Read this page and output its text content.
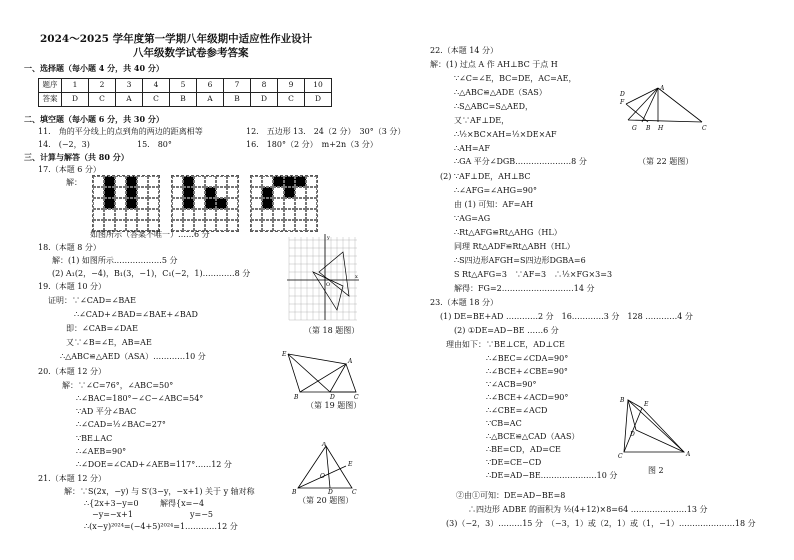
2024～2025 学年度第一学期八年级期中适应性作业设计
八年级数学试卷参考答案
一、选择题（每小题 4 分，共 40 分）
题序	1	2	3	4	5	6	7	8	9	10
答案	D	C	A	C	B	A	B	D	C	D
二、填空题（每小题 6 分，共 30 分）
11.　角的平分线上的点到角的两边的距离相等	12.　五边形 13.　24（2 分）　30°（3 分）
14.　(−2，3)	15.　80°	16.　180°（2 分）　m+2n（3 分）
三、计算与解答（共 80 分）
17.（本题 6 分）
解：
如图所示（答案不唯一）……6 分
18.（本题 8 分）
解：(1) 如图所示………………5 分
(2) A₁(2，−4)，B₁(3，−1)，C₁(−2，1)…………8 分
y
x
O
（第 18 题图）
19.（本题 10 分）
证明：∵∠CAD=∠BAE
∴∠CAD+∠BAD=∠BAE+∠BAD
即：∠CAB=∠DAE
又∵∠B=∠E，AB=AE
∴△ABC≌△AED（ASA）…………10 分	E
A
B	D	C
（第 19 题图）
20.（本题 12 分）
解：∵∠C=76°，∠ABC=50°
∴∠BAC=180°−∠C−∠ABC=54°
∵AD 平分∠BAC
∴∠CAD=½∠BAC=27°
∵BE⊥AC
∴∠AEB=90°
∴∠DOE=∠CAD+∠AEB=117°……12 分
A
E
O
B	D	C
（第 20 题图）
21.（本题 12 分）
解：∵S(2x，−y) 与 S′(3−y，−x+1) 关于 y 轴对称
∴{2x+3−y=0
−y=−x+1
解得{x=−4
y=−5
∴(x−y)²⁰²⁴=(−4+5)²⁰²⁴=1…………12 分
22.（本题 14 分）
解：(1) 过点 A 作 AH⊥BC 于点 H
∵∠C=∠E，BC=DE，AC=AE，
∴△ABC≌△ADE（SAS）
∴S△ABC=S△AED，
又∵AF⊥DE，
∴½×BC×AH=½×DE×AF
∴AH=AF
∴GA 平分∠DGB…………………8 分
A
F
D
G B H	C
（第 22 题图）
(2) ∵AF⊥DE，AH⊥BC
∴∠AFG=∠AHG=90°
由 (1) 可知：AF=AH
∵AG=AG
∴Rt△AFG≌Rt△AHG（HL）
同理 Rt△ADF≌Rt△ABH（HL）
∴S四边形AFGH=S四边形DGBA=6
S Rt△AFG=3　∵AF=3　∴½×FG×3=3
解得：FG=2………………………14 分
23.（本题 18 分）
(1) DE=BE+AD …………2 分　16…………3 分　128 …………4 分
(2) ①DE=AD−BE ……6 分
理由如下：∵BE⊥CE，AD⊥CE
∴∠BEC=∠CDA=90°
∴∠BCE+∠CBE=90°
∵∠ACB=90°
∴∠BCE+∠ACD=90°
∴∠CBE=∠ACD
∵CB=AC
∴△BCE≌△CAD（AAS）
∴BE=CD，AD=CE
∵DE=CE−CD
∴DE=AD−BE…………………10 分
B
E
D
C	A
图 2
②由①可知：DE=AD−BE=8
∴四边形 ADBE 的面积为 ½(4+12)×8=64 …………………13 分
(3)（−2，3）………15 分　（−3，1）或（2，1）或（1，−1）…………………18 分
